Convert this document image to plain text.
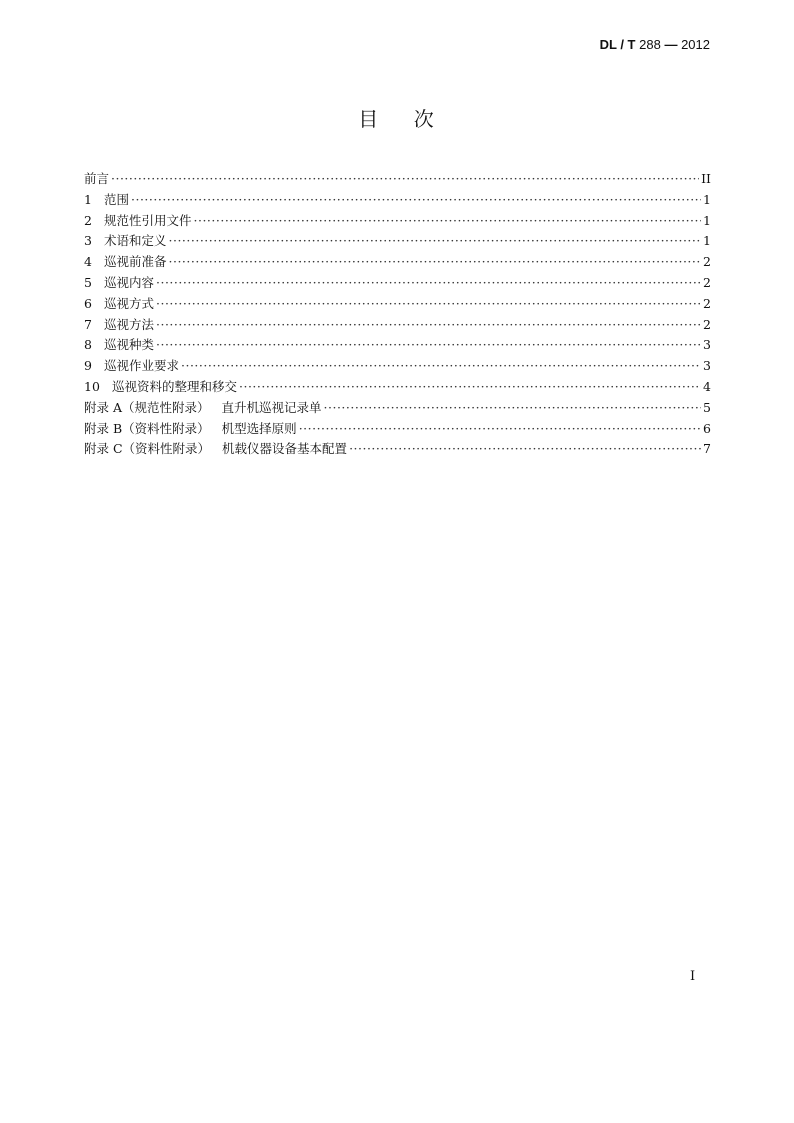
DL / T 288 — 2012
目    次
前言 ·····	II
1 范围 ·····	1
2 规范性引用文件 ·····	1
3 术语和定义 ·····	1
4 巡视前准备 ·····	2
5 巡视内容 ·····	2
6 巡视方式 ·····	2
7 巡视方法 ·····	2
8 巡视种类 ·····	3
9 巡视作业要求 ·····	3
10 巡视资料的整理和移交 ·····	4
附录 A（规范性附录） 直升机巡视记录单 ·····	5
附录 B（资料性附录） 机型选择原则 ·····	6
附录 C（资料性附录） 机载仪器设备基本配置 ·····	7
I
